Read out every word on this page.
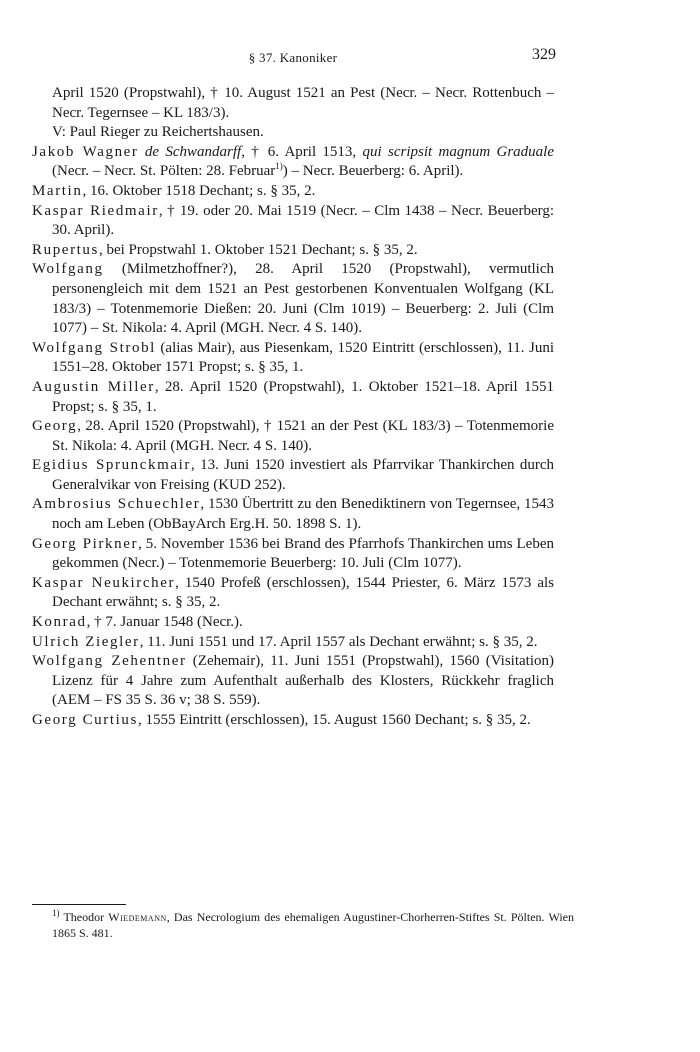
§ 37. Kanoniker	329

April 1520 (Propstwahl), † 10. August 1521 an Pest (Necr. – Necr. Rottenbuch – Necr. Tegernsee – KL 183/3).

V: Paul Rieger zu Reichertshausen.

Jakob Wagner de Schwandarff, † 6. April 1513, qui scripsit magnum Graduale (Necr. – Necr. St. Pölten: 28. Februar$^{1)}$) – Necr. Beuerberg: 6. April).

Martin, 16. Oktober 1518 Dechant; s. § 35, 2.

Kaspar Riedmair, † 19. oder 20. Mai 1519 (Necr. – Clm 1438 – Necr. Beuerberg: 30. April).

Rupertus, bei Propstwahl 1. Oktober 1521 Dechant; s. § 35, 2.

Wolfgang (Milmetzhoffner?), 28. April 1520 (Propstwahl), vermutlich personengleich mit dem 1521 an Pest gestorbenen Konventualen Wolfgang (KL 183/3) – Totenmemorie Dießen: 20. Juni (Clm 1019) – Beuerberg: 2. Juli (Clm 1077) – St. Nikola: 4. April (MGH. Necr. 4 S. 140).

Wolfgang Strobl (alias Mair), aus Piesenkam, 1520 Eintritt (erschlossen), 11. Juni 1551–28. Oktober 1571 Propst; s. § 35, 1.

Augustin Miller, 28. April 1520 (Propstwahl), 1. Oktober 1521–18. April 1551 Propst; s. § 35, 1.

Georg, 28. April 1520 (Propstwahl), † 1521 an der Pest (KL 183/3) – Totenmemorie St. Nikola: 4. April (MGH. Necr. 4 S. 140).

Egidius Sprunckmair, 13. Juni 1520 investiert als Pfarrvikar Thankirchen durch Generalvikar von Freising (KUD 252).

Ambrosius Schuechler, 1530 Übertritt zu den Benediktinern von Tegernsee, 1543 noch am Leben (ObBayArch Erg.H. 50. 1898 S. 1).

Georg Pirkner, 5. November 1536 bei Brand des Pfarrhofs Thankirchen ums Leben gekommen (Necr.) – Totenmemorie Beuerberg: 10. Juli (Clm 1077).

Kaspar Neukircher, 1540 Profeß (erschlossen), 1544 Priester, 6. März 1573 als Dechant erwähnt; s. § 35, 2.

Konrad, † 7. Januar 1548 (Necr.).

Ulrich Ziegler, 11. Juni 1551 und 17. April 1557 als Dechant erwähnt; s. § 35, 2.

Wolfgang Zehentner (Zehemair), 11. Juni 1551 (Propstwahl), 1560 (Visitation) Lizenz für 4 Jahre zum Aufenthalt außerhalb des Klosters, Rückkehr fraglich (AEM – FS 35 S. 36 v; 38 S. 559).

Georg Curtius, 1555 Eintritt (erschlossen), 15. August 1560 Dechant; s. § 35, 2.

$^{1)}$ Theodor Wiedemann, Das Necrologium des ehemaligen Augustiner-Chorherren-Stiftes St. Pölten. Wien 1865 S. 481.
